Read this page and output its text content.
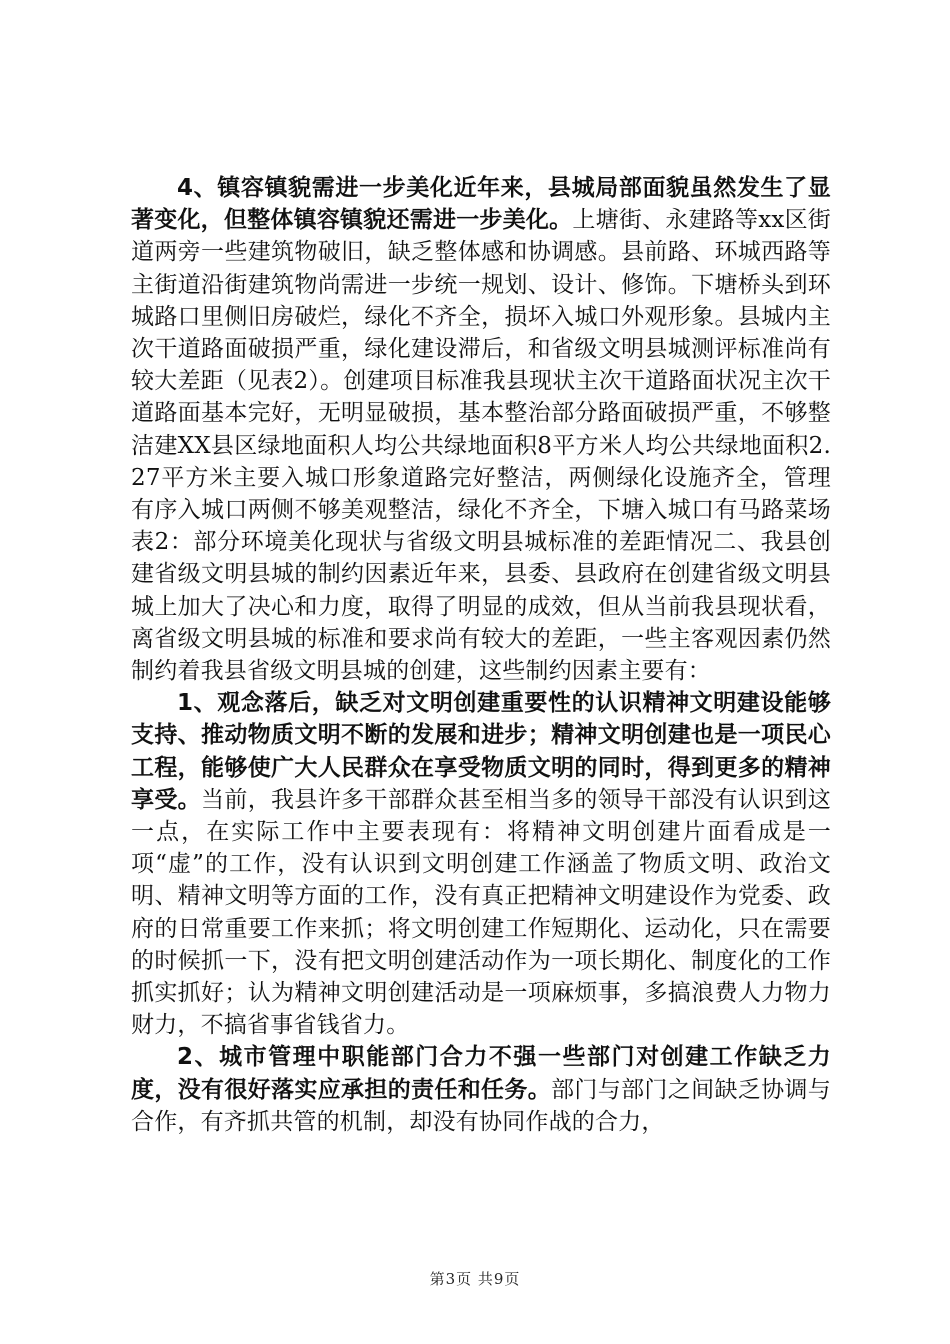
4、镇容镇貌需进一步美化近年来，县城局部面貌虽然发生了显著变化，但整体镇容镇貌还需进一步美化。上塘街、永建路等xx区街道两旁一些建筑物破旧，缺乏整体感和协调感。县前路、环城西路等主街道沿街建筑物尚需进一步统一规划、设计、修饰。下塘桥头到环城路口里侧旧房破烂，绿化不齐全，损坏入城口外观形象。县城内主次干道路面破损严重，绿化建设滞后，和省级文明县城测评标准尚有较大差距（见表2）。创建项目标准我县现状主次干道路面状况主次干道路面基本完好，无明显破损，基本整治部分路面破损严重，不够整洁建XX县区绿地面积人均公共绿地面积8平方米人均公共绿地面积2.27平方米主要入城口形象道路完好整洁，两侧绿化设施齐全，管理有序入城口两侧不够美观整洁，绿化不齐全，下塘入城口有马路菜场表2：部分环境美化现状与省级文明县城标准的差距情况二、我县创建省级文明县城的制约因素近年来，县委、县政府在创建省级文明县城上加大了决心和力度，取得了明显的成效，但从当前我县现状看，离省级文明县城的标准和要求尚有较大的差距，一些主客观因素仍然制约着我县省级文明县城的创建，这些制约因素主要有：

1、观念落后，缺乏对文明创建重要性的认识精神文明建设能够支持、推动物质文明不断的发展和进步；精神文明创建也是一项民心工程，能够使广大人民群众在享受物质文明的同时，得到更多的精神享受。当前，我县许多干部群众甚至相当多的领导干部没有认识到这一点，在实际工作中主要表现有：将精神文明创建片面看成是一项“虚”的工作，没有认识到文明创建工作涵盖了物质文明、政治文明、精神文明等方面的工作，没有真正把精神文明建设作为党委、政府的日常重要工作来抓；将文明创建工作短期化、运动化，只在需要的时候抓一下，没有把文明创建活动作为一项长期化、制度化的工作抓实抓好；认为精神文明创建活动是一项麻烦事，多搞浪费人力物力财力，不搞省事省钱省力。

2、城市管理中职能部门合力不强一些部门对创建工作缺乏力度，没有很好落实应承担的责任和任务。部门与部门之间缺乏协调与合作，有齐抓共管的机制，却没有协同作战的合力，

第3页 共9页
